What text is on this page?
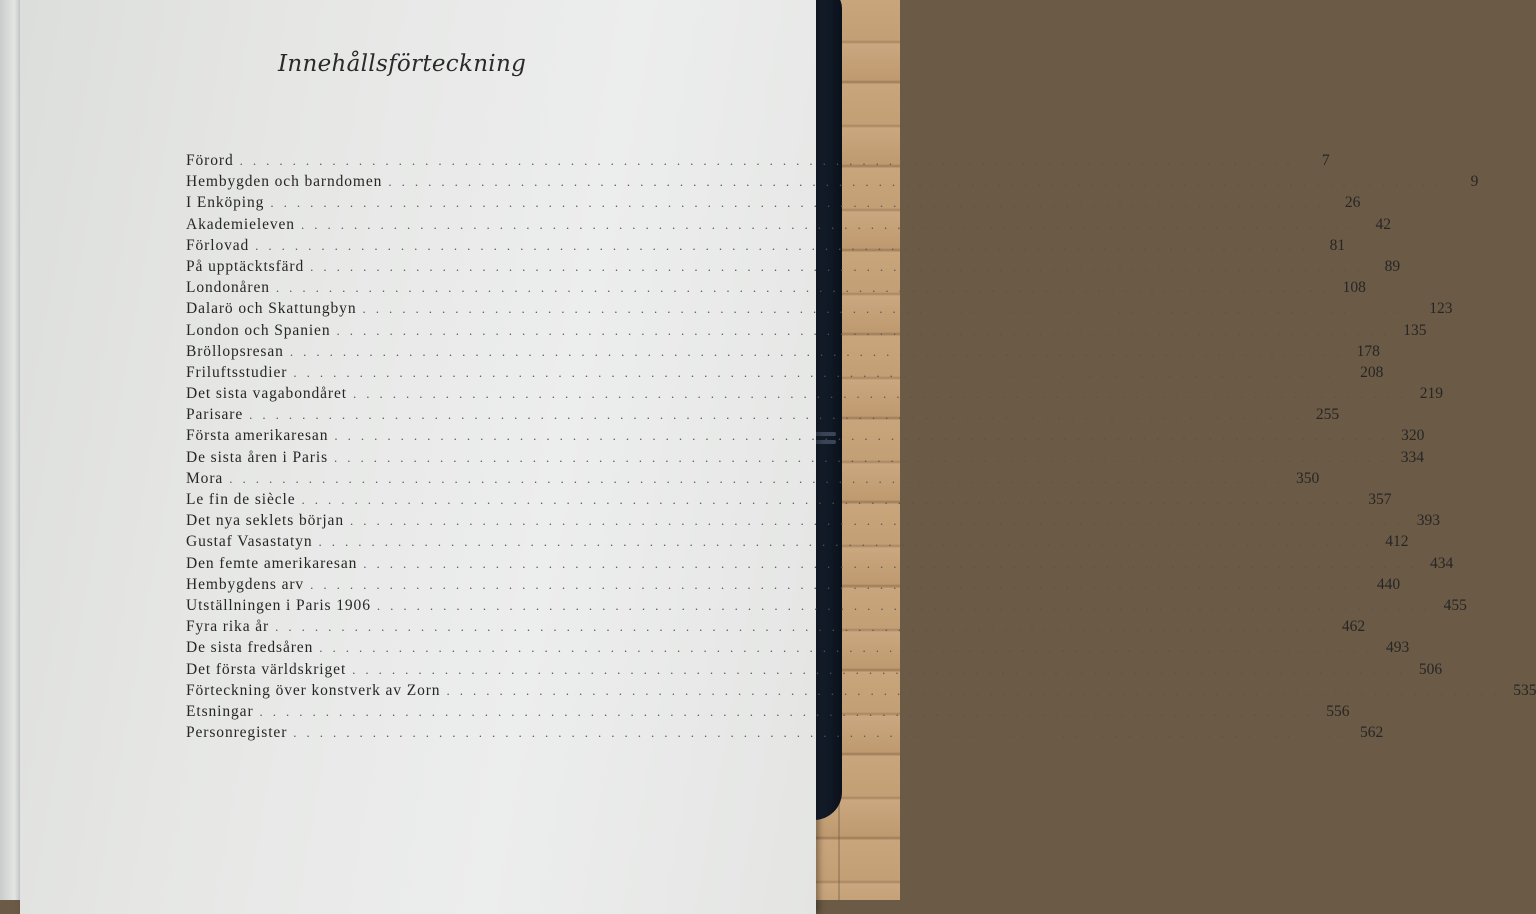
Innehållsförteckning
Förord ................................................................................	7
Hembygden och barndomen ................................................................................	9
I Enköping ................................................................................ 26
Akademieleven ................................................................................ 42
Förlovad ................................................................................ 81
På upptäcktsfärd ................................................................................ 89
Londonåren ................................................................................ 108
Dalarö och Skattungbyn ................................................................................ 123
London och Spanien ................................................................................ 135
Bröllopsresan ................................................................................ 178
Friluftsstudier ................................................................................ 208
Det sista vagabondåret ................................................................................ 219
Parisare ................................................................................ 255
Första amerikaresan ................................................................................ 320
De sista åren i Paris ................................................................................ 334
Mora ................................................................................ 350
Le fin de siècle ................................................................................ 357
Det nya seklets början ................................................................................ 393
Gustaf Vasastatyn ................................................................................ 412
Den femte amerikaresan ................................................................................ 434
Hembygdens arv ................................................................................ 440
Utställningen i Paris 1906 ................................................................................ 455
Fyra rika år ................................................................................ 462
De sista fredsåren ................................................................................ 493
Det första världskriget ................................................................................ 506
Förteckning över konstverk av Zorn ................................................................................ 535
Etsningar ................................................................................ 556
Personregister ................................................................................ 562
